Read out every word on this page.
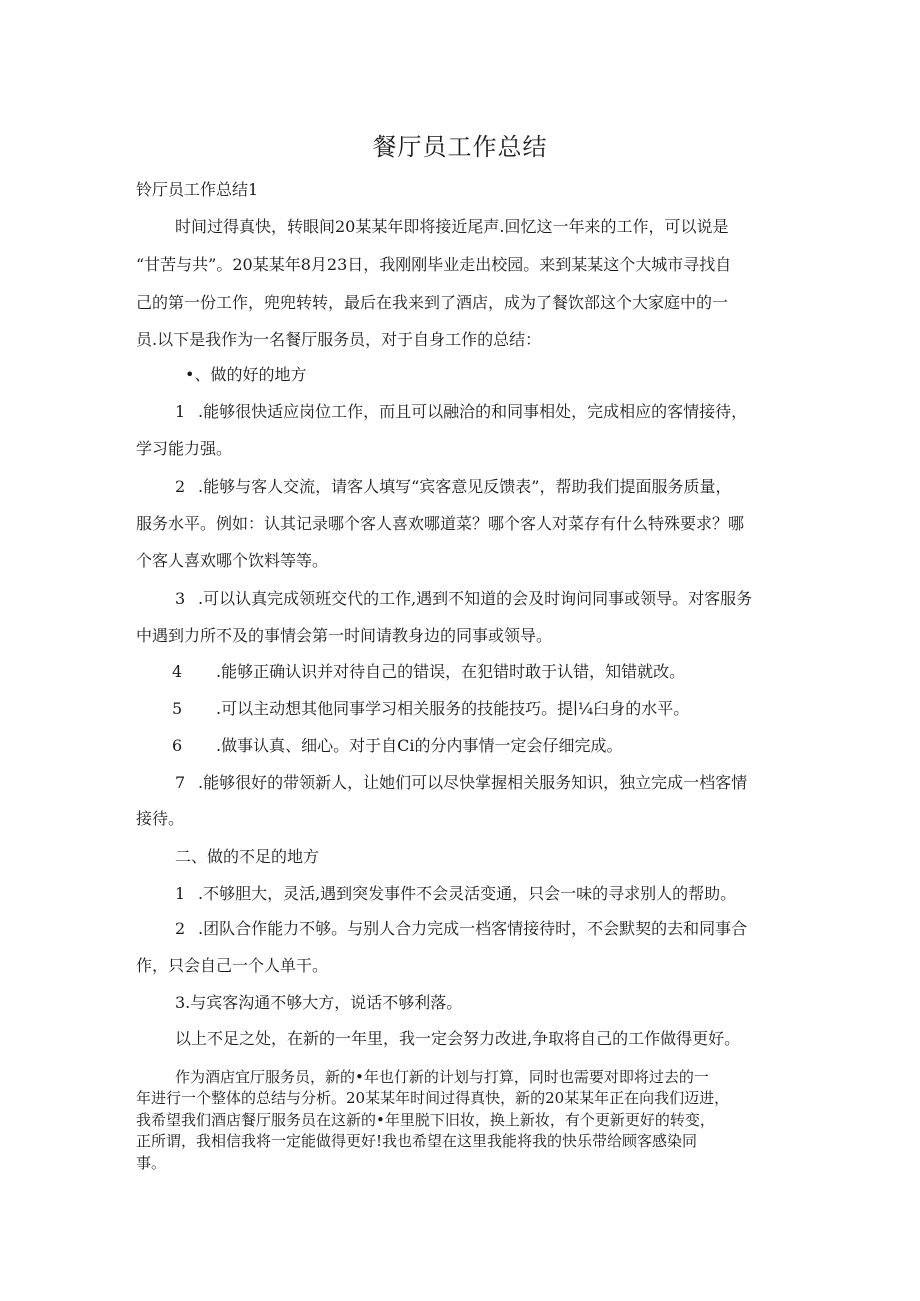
餐厅员工作总结
铃厅员工作总结1
时间过得真快，转眼间20某某年即将接近尾声.回忆这一年来的工作，可以说是
“甘苦与共”。20某某年8月23日，我刚刚毕业走出校园。来到某某这个大城市寻找自
己的第一份工作，兜兜转转，最后在我来到了酒店，成为了餐饮部这个大家庭中的一
员.以下是我作为一名餐厅服务员，对于自身工作的总结：
•、做的好的地方
1 .能够很快适应岗位工作，而且可以融洽的和同事相处，完成相应的客情接待，
学习能力强。
2 .能够与客人交流，请客人填写“宾客意见反馈表”，帮助我们提面服务质量，
服务水平。例如：认其记录哪个客人喜欢哪道菜？哪个客人对菜存有什么特殊要求？哪
个客人喜欢哪个饮料等等。
3 .可以认真完成领班交代的工作,遇到不知道的会及时询问同事或领导。对客服务
中遇到力所不及的事情会第一时间请教身边的同事或领导。
4 .能够正确认识并对待自己的错误，在犯错时敢于认错，知错就改。
5 .可以主动想其他同事学习相关服务的技能技巧。提∣¼臼身的水平。
6 .做事认真、细心。对于自Ci的分内事情一定会仔细完成。
7 .能够很好的带领新人，让她们可以尽快掌握相关服务知识，独立完成一档客情
接待。
二、做的不足的地方
1 .不够胆大，灵活,遇到突发事件不会灵活变通，只会一味的寻求别人的帮助。
2 .团队合作能力不够。与别人合力完成一档客情接待时，不会默契的去和同事合
作，只会自己一个人单干。
3.与宾客沟通不够大方，说话不够利落。
以上不足之处，在新的一年里，我一定会努力改进,争取将自己的工作做得更好。
作为酒店宜厅服务员，新的•年也仃新的计划与打算，同时也需要对即将过去的一
年进行一个整体的总结与分析。20某某年时间过得真快，新的20某某年正在向我们迈进，
我希望我们酒店餐厅服务员在这新的•年里脱下旧妆，换上新妆，有个更新更好的转变，
正所谓，我相信我将一定能做得更好!我也希望在这里我能将我的快乐带给顾客感染同
事。
